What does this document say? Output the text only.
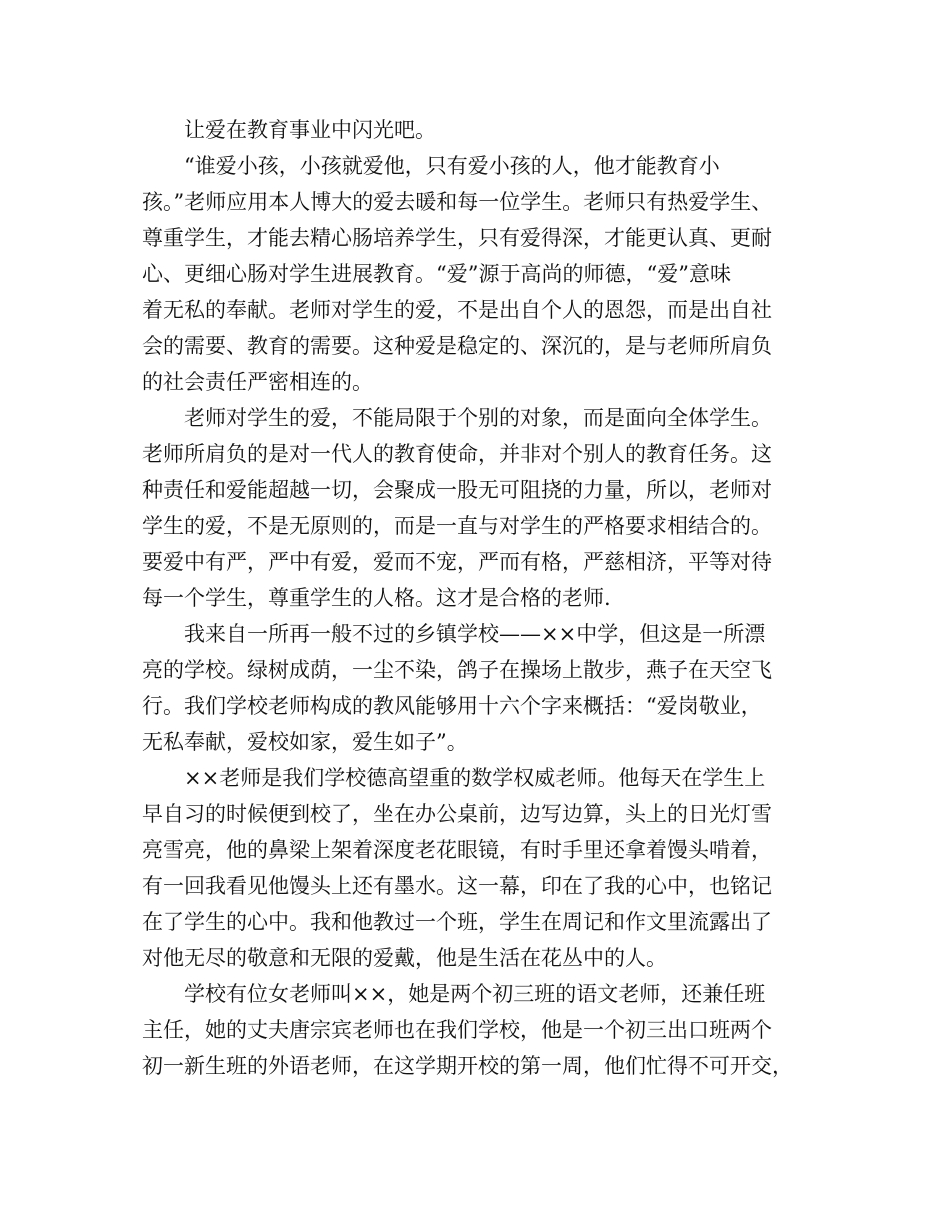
让爱在教育事业中闪光吧。
“谁爱小孩，小孩就爱他，只有爱小孩的人，他才能教育小
孩。”老师应用本人博大的爱去暖和每一位学生。老师只有热爱学生、
尊重学生，才能去精心肠培养学生，只有爱得深，才能更认真、更耐
心、更细心肠对学生进展教育。“爱”源于高尚的师德，“爱”意味
着无私的奉献。老师对学生的爱，不是出自个人的恩怨，而是出自社
会的需要、教育的需要。这种爱是稳定的、深沉的，是与老师所肩负
的社会责任严密相连的。
老师对学生的爱，不能局限于个别的对象，而是面向全体学生。
老师所肩负的是对一代人的教育使命，并非对个别人的教育任务。这
种责任和爱能超越一切，会聚成一股无可阻挠的力量，所以，老师对
学生的爱，不是无原则的，而是一直与对学生的严格要求相结合的。
要爱中有严，严中有爱，爱而不宠，严而有格，严慈相济，平等对待
每一个学生，尊重学生的人格。这才是合格的老师.
我来自一所再一般不过的乡镇学校——××中学，但这是一所漂
亮的学校。绿树成荫，一尘不染，鸽子在操场上散步，燕子在天空飞
行。我们学校老师构成的教风能够用十六个字来概括：“爱岗敬业，
无私奉献，爱校如家，爱生如子”。
××老师是我们学校德高望重的数学权威老师。他每天在学生上
早自习的时候便到校了，坐在办公桌前，边写边算，头上的日光灯雪
亮雪亮，他的鼻梁上架着深度老花眼镜，有时手里还拿着馒头啃着，
有一回我看见他馒头上还有墨水。这一幕，印在了我的心中，也铭记
在了学生的心中。我和他教过一个班，学生在周记和作文里流露出了
对他无尽的敬意和无限的爱戴，他是生活在花丛中的人。
学校有位女老师叫××，她是两个初三班的语文老师，还兼任班
主任，她的丈夫唐宗宾老师也在我们学校，他是一个初三出口班两个
初一新生班的外语老师，在这学期开校的第一周，他们忙得不可开交，
